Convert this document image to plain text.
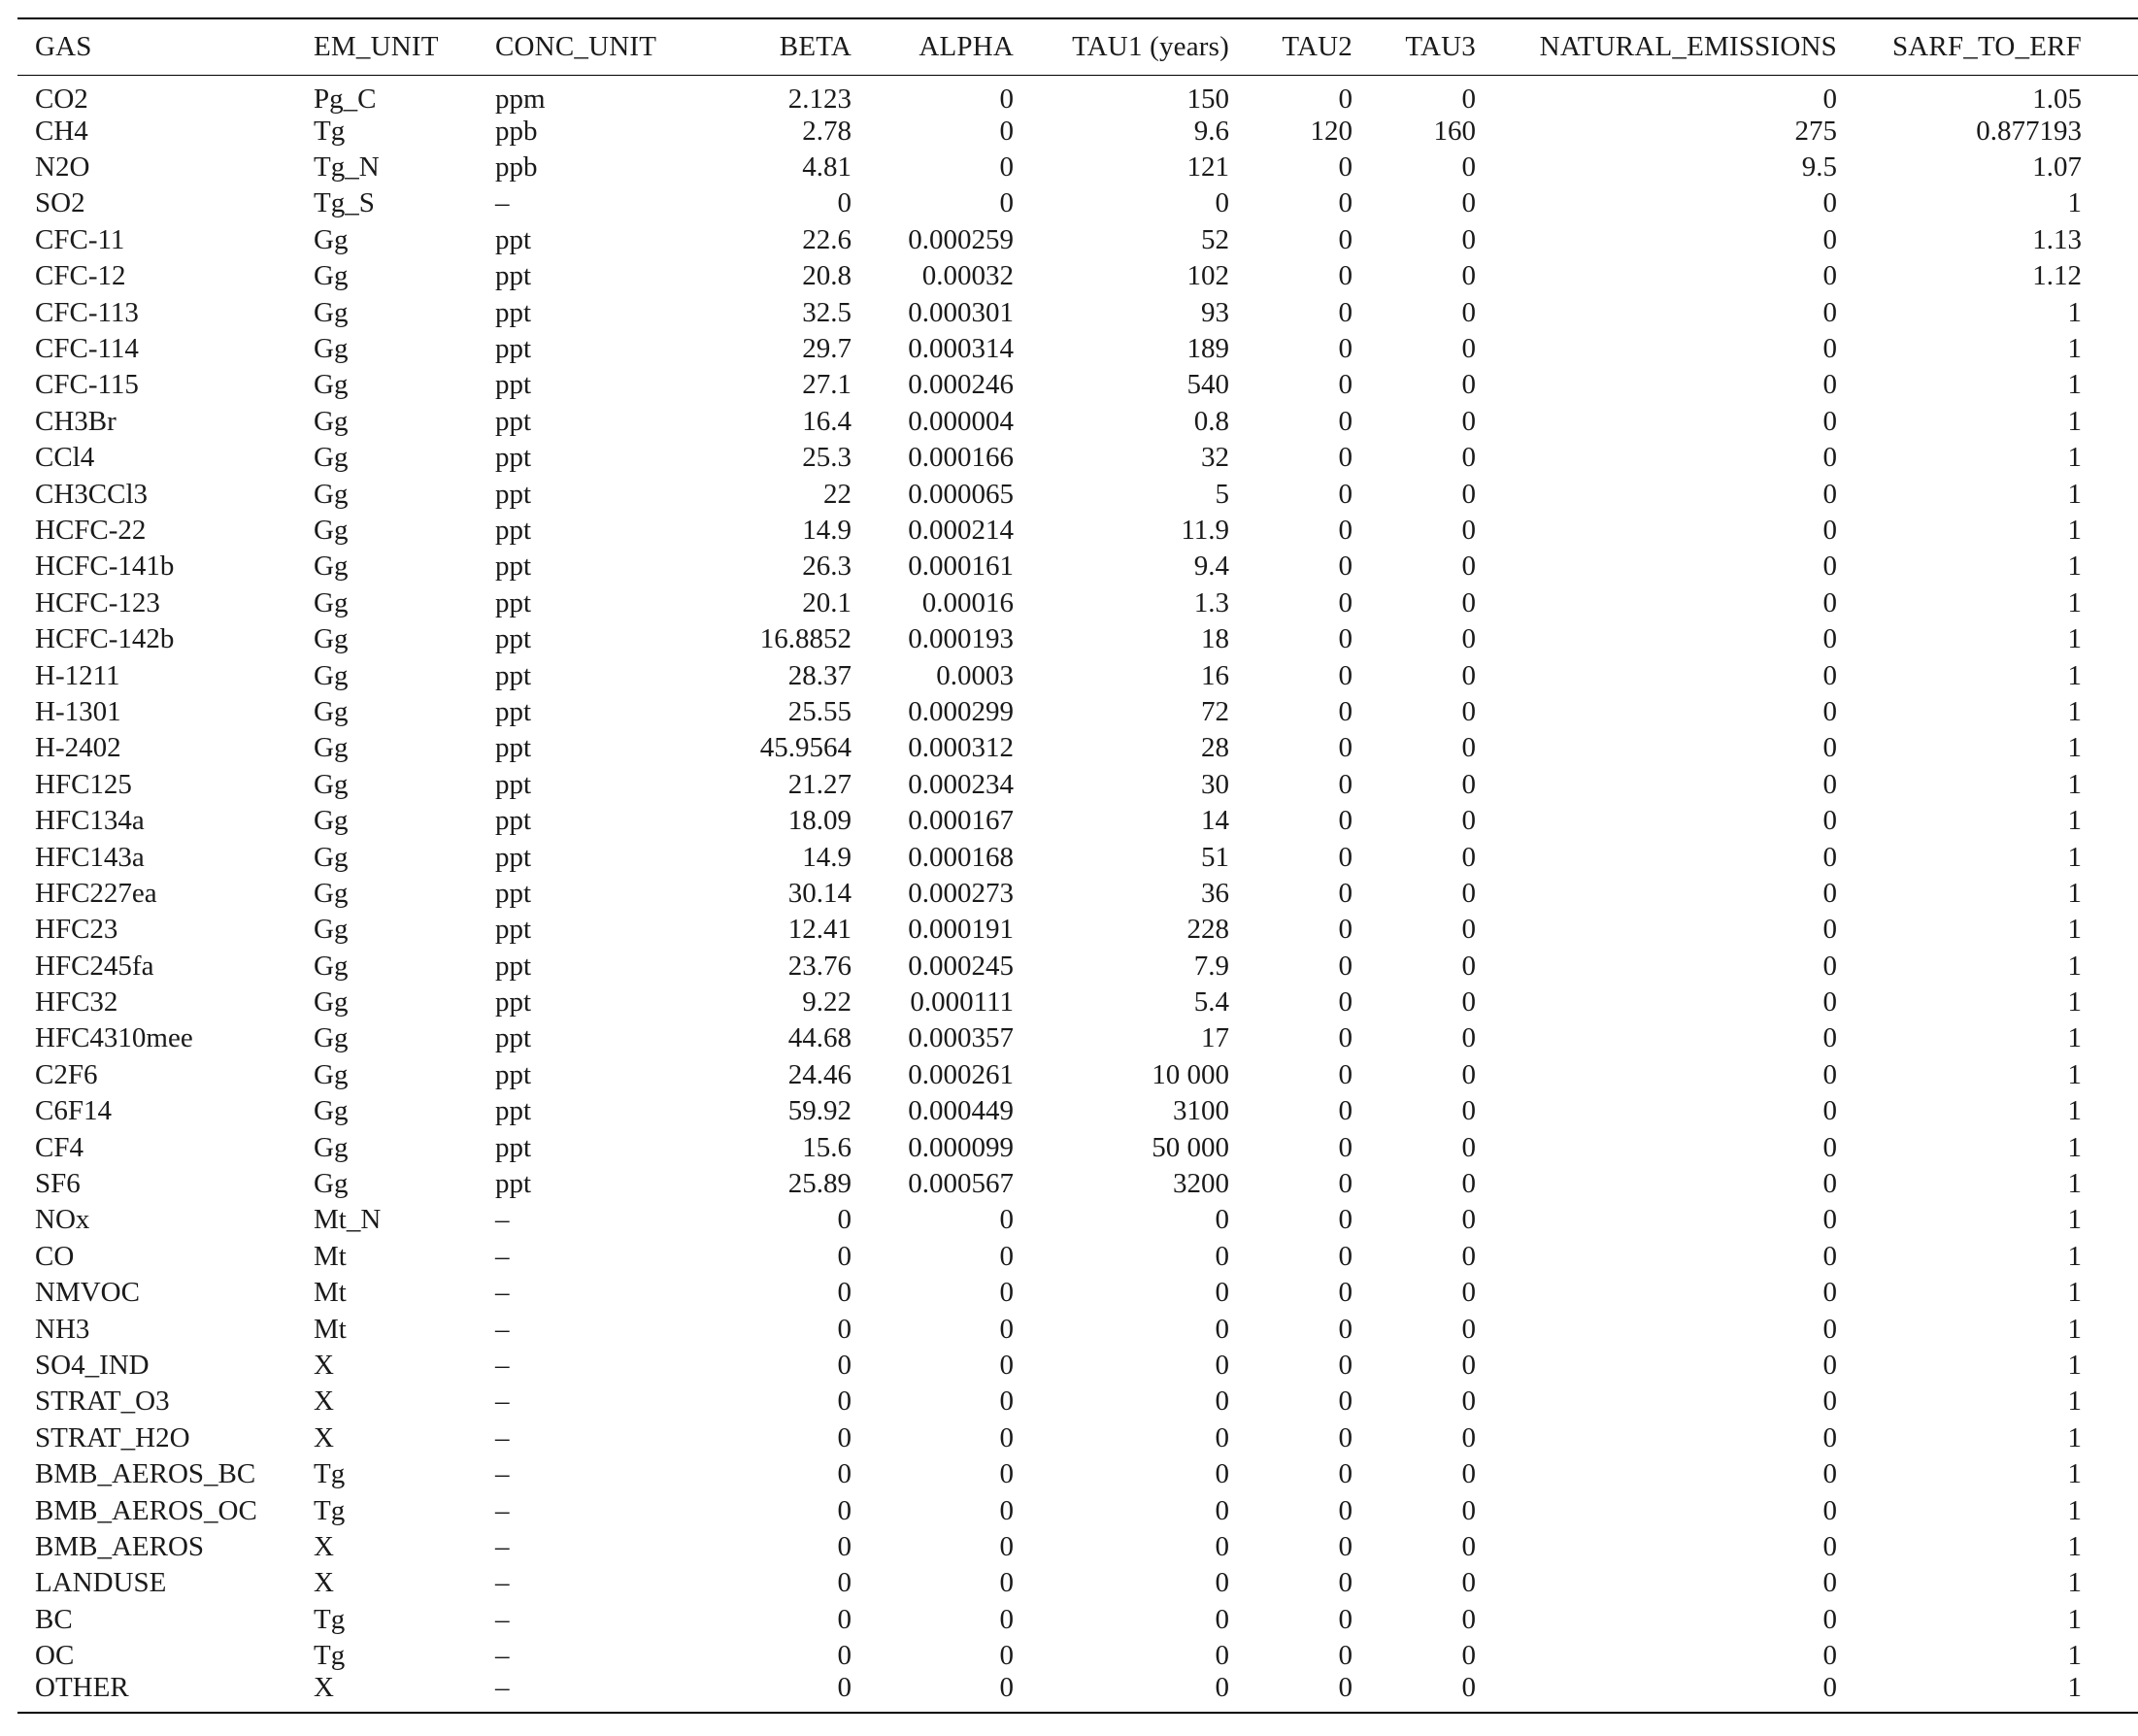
GAS	EM_UNIT	CONC_UNIT	BETA	ALPHA	TAU1 (years)	TAU2	TAU3	NATURAL_EMISSIONS	SARF_TO_ERF
CO2	Pg_C	ppm	2.123	0	150	0	0	0	1.05
CH4	Tg	ppb	2.78	0	9.6	120	160	275	0.877193
N2O	Tg_N	ppb	4.81	0	121	0	0	9.5	1.07
SO2	Tg_S	–	0	0	0	0	0	0	1
CFC-11	Gg	ppt	22.6	0.000259	52	0	0	0	1.13
CFC-12	Gg	ppt	20.8	0.00032	102	0	0	0	1.12
CFC-113	Gg	ppt	32.5	0.000301	93	0	0	0	1
CFC-114	Gg	ppt	29.7	0.000314	189	0	0	0	1
CFC-115	Gg	ppt	27.1	0.000246	540	0	0	0	1
CH3Br	Gg	ppt	16.4	0.000004	0.8	0	0	0	1
CCl4	Gg	ppt	25.3	0.000166	32	0	0	0	1
CH3CCl3	Gg	ppt	22	0.000065	5	0	0	0	1
HCFC-22	Gg	ppt	14.9	0.000214	11.9	0	0	0	1
HCFC-141b	Gg	ppt	26.3	0.000161	9.4	0	0	0	1
HCFC-123	Gg	ppt	20.1	0.00016	1.3	0	0	0	1
HCFC-142b	Gg	ppt	16.8852	0.000193	18	0	0	0	1
H-1211	Gg	ppt	28.37	0.0003	16	0	0	0	1
H-1301	Gg	ppt	25.55	0.000299	72	0	0	0	1
H-2402	Gg	ppt	45.9564	0.000312	28	0	0	0	1
HFC125	Gg	ppt	21.27	0.000234	30	0	0	0	1
HFC134a	Gg	ppt	18.09	0.000167	14	0	0	0	1
HFC143a	Gg	ppt	14.9	0.000168	51	0	0	0	1
HFC227ea	Gg	ppt	30.14	0.000273	36	0	0	0	1
HFC23	Gg	ppt	12.41	0.000191	228	0	0	0	1
HFC245fa	Gg	ppt	23.76	0.000245	7.9	0	0	0	1
HFC32	Gg	ppt	9.22	0.000111	5.4	0	0	0	1
HFC4310mee	Gg	ppt	44.68	0.000357	17	0	0	0	1
C2F6	Gg	ppt	24.46	0.000261	10 000	0	0	0	1
C6F14	Gg	ppt	59.92	0.000449	3100	0	0	0	1
CF4	Gg	ppt	15.6	0.000099	50 000	0	0	0	1
SF6	Gg	ppt	25.89	0.000567	3200	0	0	0	1
NOx	Mt_N	–	0	0	0	0	0	0	1
CO	Mt	–	0	0	0	0	0	0	1
NMVOC	Mt	–	0	0	0	0	0	0	1
NH3	Mt	–	0	0	0	0	0	0	1
SO4_IND	X	–	0	0	0	0	0	0	1
STRAT_O3	X	–	0	0	0	0	0	0	1
STRAT_H2O	X	–	0	0	0	0	0	0	1
BMB_AEROS_BC	Tg	–	0	0	0	0	0	0	1
BMB_AEROS_OC	Tg	–	0	0	0	0	0	0	1
BMB_AEROS	X	–	0	0	0	0	0	0	1
LANDUSE	X	–	0	0	0	0	0	0	1
BC	Tg	–	0	0	0	0	0	0	1
OC	Tg	–	0	0	0	0	0	0	1
OTHER	X	–	0	0	0	0	0	0	1
